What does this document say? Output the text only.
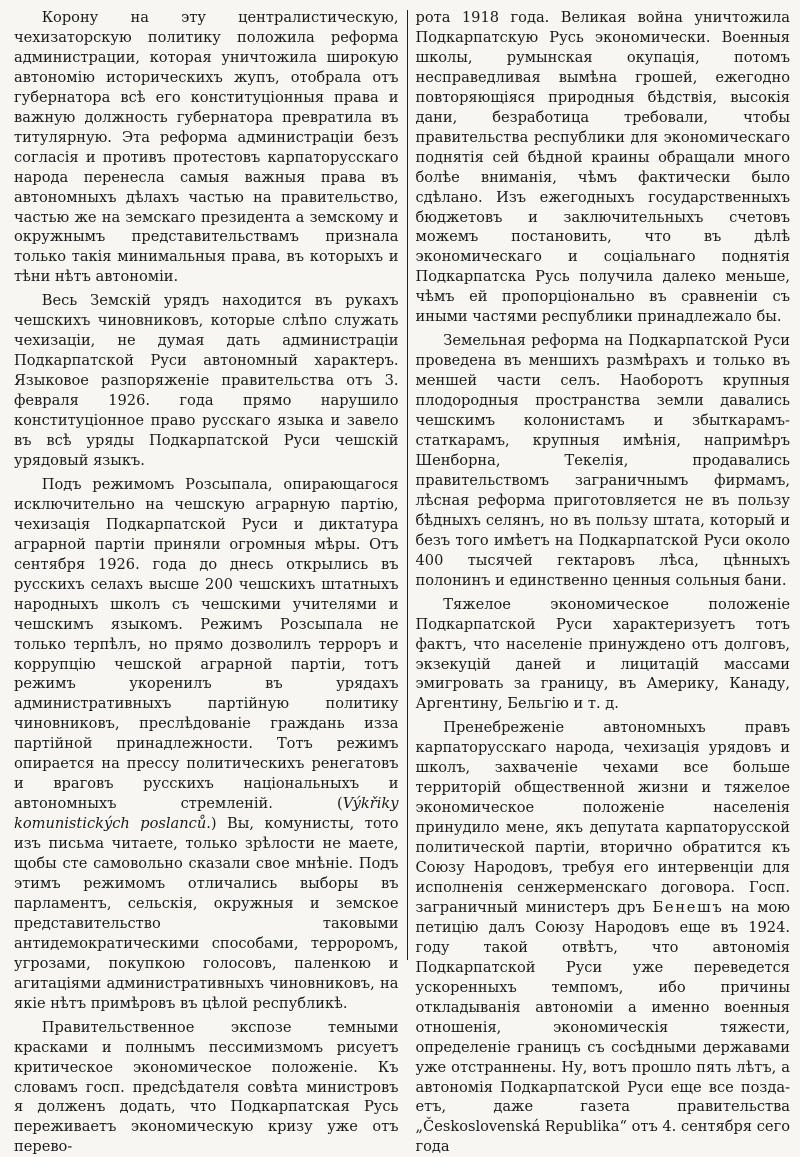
Корону на эту централистическую, чехизаторскую политику положила реформа администрации, которая уничтожила широкую автономію историческихъ жупъ, отобрала отъ губернатора всѣ его конституціонныя права и важную должность губернатора превратила въ титулярную. Эта реформа администраціи безъ согласія и противъ протестовъ карпаторусскаго народа перенесла самыя важныя права въ автономныхъ дѣлахъ частью на правительство, частью же на земскаго президента а земскому и окружнымъ представительствамъ признала только такія минимальныя права, въ которыхъ и тѣни нѣтъ автономіи.

Весь Земскій урядъ находится въ рукахъ чешскихъ чиновниковъ, которые слѣпо служать чехизаціи, не думая дать администраціи Подкарпатской Руси автономный характеръ. Языковое разпоряженіе правительства отъ 3. февраля 1926. года прямо нарушило конституціонное право русскаго языка и завело въ всѣ уряды Подкарпатской Руси чешскій урядовый языкъ.

Подъ режимомъ Розсыпала, опирающагося исключительно на чешскую аграрную партію, чехизація Подкарпатской Руси и диктатура аграрной партіи приняли огромныя мѣры. Отъ сентября 1926. года до днесь открылись въ русскихъ селахъ высше 200 чешскихъ штатныхъ народныхъ школъ съ чешскими учителями и чешскимъ языкомъ. Режимъ Розсыпала не только терпѣлъ, но прямо дозволилъ терроръ и коррупцію чешской аграрной партіи, тотъ режимъ укоренилъ въ урядахъ административныхъ партійную политику чиновниковъ, преслѣдованіе граждань изза партійной принадлежности. Тотъ режимъ опирается на прессу политическихъ ренегатовъ и враговъ русскихъ національныхъ и автономныхъ стремленій. (Výkřiky komunistických poslanců.) Вы, комунисты, тото изъ письма читаете, только зрѣлости не маете, щобы сте самовольно сказали свое мнѣніе. Подъ этимъ режимомъ отличались выборы въ парламентъ, сельскія, окружныя и земское представительство таковыми антидемократическими способами, терроромъ, угрозами, покупкою голосовъ, паленкою и агитаціями административныхъ чиновниковъ, на якіе нѣтъ примѣровъ въ цѣлой республикѣ.

Правительственное экспозе темными красками и полнымъ пессимизмомъ рисуетъ критическое экономическое положеніе. Къ словамъ госп. предсѣдателя совѣта министровъ я долженъ додать, что Подкарпатская Русь переживаетъ экономическую кризу уже отъ перево-

рота 1918 года. Великая война уничтожила Подкарпатскую Русь экономически. Военныя школы, румынская окупація, потомъ несправедливая вымѣна грошей, ежегодно повторяющіяся природныя бѣдствія, высокія дани, безработица требовали, чтобы правительства республики для экономическаго поднятія сей бѣдной краины обращали много болѣе вниманія, чѣмъ фактически было сдѣлано. Изъ ежегодныхъ государственныхъ бюджетовъ и заключительныхъ счетовъ можемъ постановить, что въ дѣлѣ экономическаго и соціальнаго поднятія Подкарпатска Русь получила далеко меньше, чѣмъ ей пропорціонально въ сравненіи съ иными частями республики принадлежало бы.

Земельная реформа на Подкарпатской Руси проведена въ меншихъ размѣрахъ и только въ меншей части селъ. Наоборотъ крупныя плодородныя пространства земли давались чешскимъ колонистамъ и збыткарамъ-статкарамъ, крупныя имѣнія, напримѣръ Шенборна, Текелія, продавались правительствомъ заграничнымъ фирмамъ, лѣсная реформа приготовляется не въ пользу бѣдныхъ селянъ, но въ пользу штата, который и безъ того имѣетъ на Подкарпатской Руси около 400 тысячей гектаровъ лѣса, цѣнныхъ полонинъ и единственно ценныя сольныя бани.

Тяжелое экономическое положеніе Подкарпатской Руси характеризуетъ тотъ фактъ, что населеніе принуждено отъ долговъ, экзекуцій даней и лицитацій массами эмигровать за границу, въ Америку, Канаду, Аргентину, Бельгію и т. д.

Пренебреженіе автономныхъ правъ карпаторусскаго народа, чехизація урядовъ и школъ, захваченіе чехами все больше территорій общественной жизни и тяжелое экономическое положеніе населенія принудило мене, якъ депутата карпаторусской политической партіи, вторично обратится къ Союзу Народовъ, требуя его интервенціи для исполненія сенжерменскаго договора. Госп. заграничный министеръ дръ Бенешъ на мою петицію далъ Союзу Народовъ еще въ 1924. году такой отвѣтъ, что автономія Подкарпатской Руси уже переведется ускоренныхъ темпомъ, ибо причины откладыванія автономіи а именно военныя отношенія, экономическія тяжести, определеніе границъ съ сосѣдными державами уже отстраннены. Ну, вотъ прошло пять лѣтъ, а автономія Подкарпатской Руси еще все поздаетъ, даже газета правительства „Československá Republika“ отъ 4. сентября сего года
